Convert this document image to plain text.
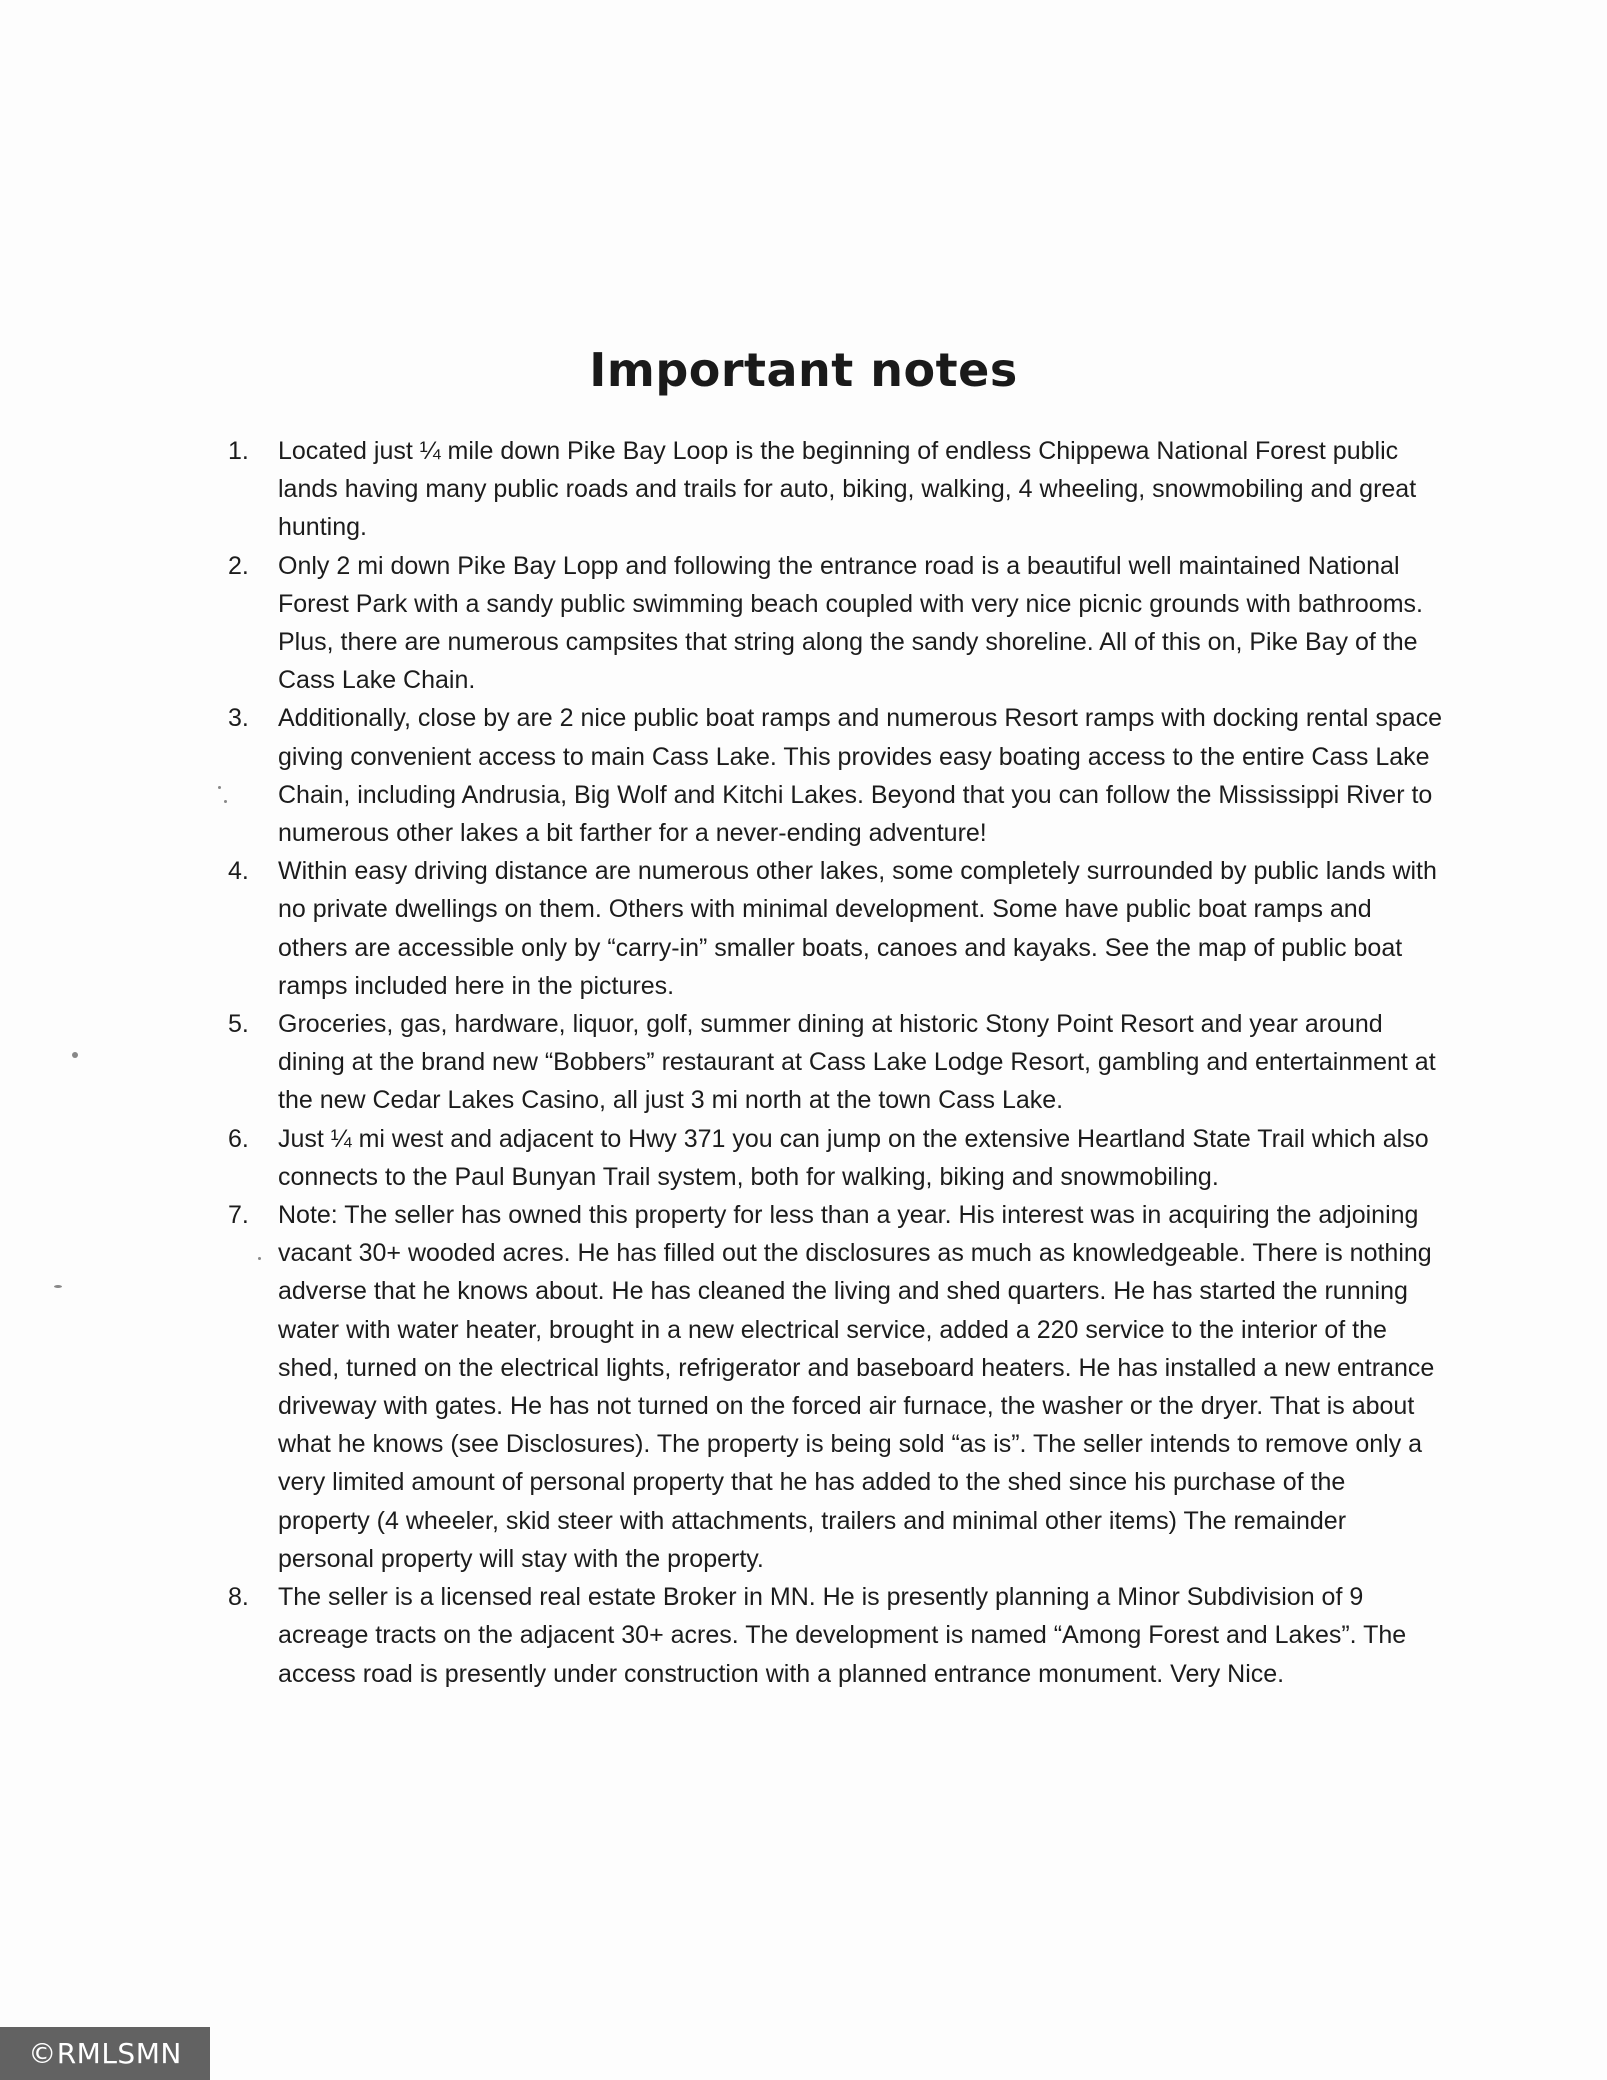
Important notes
1.	Located just ¼ mile down Pike Bay Loop is the beginning of endless Chippewa National Forest public lands having many public roads and trails for auto, biking, walking, 4 wheeling, snowmobiling and great hunting.
2.	Only 2 mi down Pike Bay Lopp and following the entrance road is a beautiful well maintained National Forest Park with a sandy public swimming beach coupled with very nice picnic grounds with bathrooms. Plus, there are numerous campsites that string along the sandy shoreline. All of this on, Pike Bay of the Cass Lake Chain.
3.	Additionally, close by are 2 nice public boat ramps and numerous Resort ramps with docking rental space giving convenient access to main Cass Lake. This provides easy boating access to the entire Cass Lake Chain, including Andrusia, Big Wolf and Kitchi Lakes. Beyond that you can follow the Mississippi River to numerous other lakes a bit farther for a never-ending adventure!
4.	Within easy driving distance are numerous other lakes, some completely surrounded by public lands with no private dwellings on them. Others with minimal development. Some have public boat ramps and others are accessible only by “carry-in” smaller boats, canoes and kayaks. See the map of public boat ramps included here in the pictures.
5.	Groceries, gas, hardware, liquor, golf, summer dining at historic Stony Point Resort and year around dining at the brand new “Bobbers” restaurant at Cass Lake Lodge Resort, gambling and entertainment at the new Cedar Lakes Casino, all just 3 mi north at the town Cass Lake.
6.	Just ¼ mi west and adjacent to Hwy 371 you can jump on the extensive Heartland State Trail which also connects to the Paul Bunyan Trail system, both for walking, biking and snowmobiling.
7.	Note: The seller has owned this property for less than a year. His interest was in acquiring the adjoining vacant 30+ wooded acres. He has filled out the disclosures as much as knowledgeable. There is nothing adverse that he knows about. He has cleaned the living and shed quarters. He has started the running water with water heater, brought in a new electrical service, added a 220 service to the interior of the shed, turned on the electrical lights, refrigerator and baseboard heaters. He has installed a new entrance driveway with gates. He has not turned on the forced air furnace, the washer or the dryer. That is about what he knows (see Disclosures). The property is being sold “as is”. The seller intends to remove only a very limited amount of personal property that he has added to the shed since his purchase of the property (4 wheeler, skid steer with attachments, trailers and minimal other items) The remainder personal property will stay with the property.
8.	The seller is a licensed real estate Broker in MN. He is presently planning a Minor Subdivision of 9 acreage tracts on the adjacent 30+ acres. The development is named “Among Forest and Lakes”. The access road is presently under construction with a planned entrance monument. Very Nice.
©RMLSMN
